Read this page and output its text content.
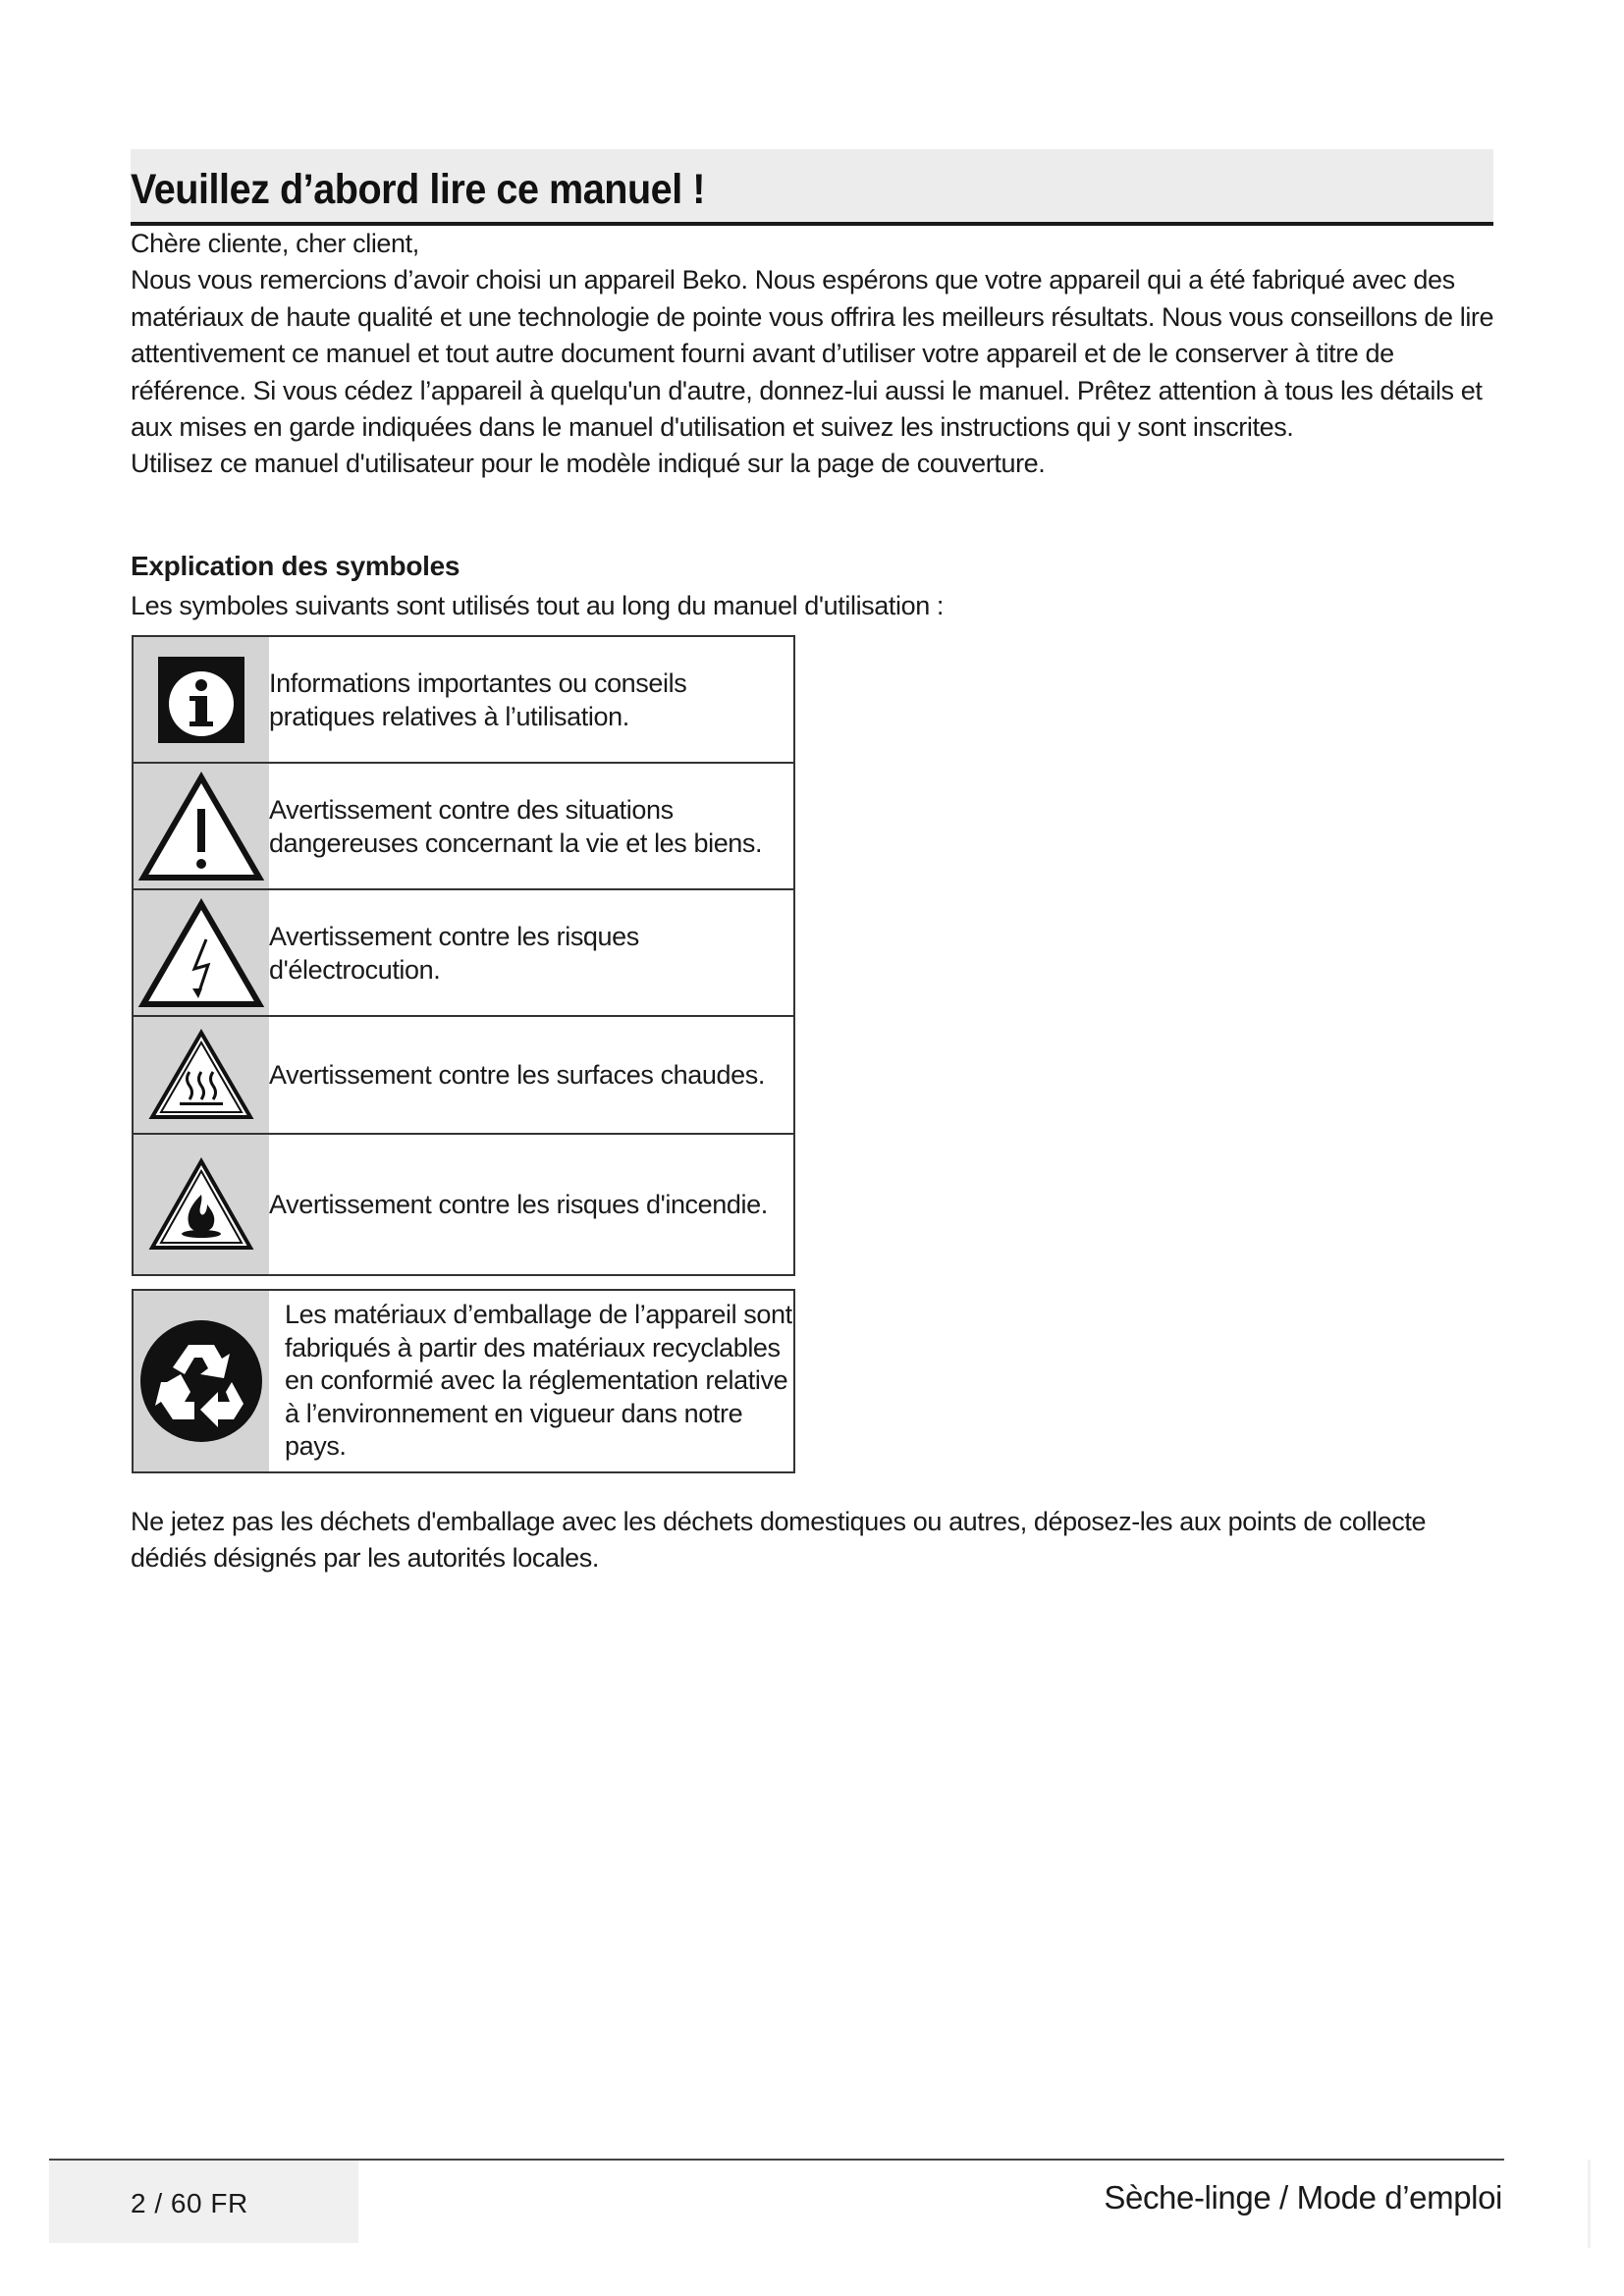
Veuillez d’abord lire ce manuel !

Chère cliente, cher client,

Nous vous remercions d’avoir choisi un appareil Beko. Nous espérons que votre appareil qui a été fabriqué avec des matériaux de haute qualité et une technologie de pointe vous offrira les meilleurs résultats. Nous vous conseillons de lire attentivement ce manuel et tout autre document fourni avant d’utiliser votre appareil et de le conserver à titre de référence. Si vous cédez l’appareil à quelqu'un d'autre, donnez-lui aussi le manuel. Prêtez attention à tous les détails et aux mises en garde indiquées dans le manuel d'utilisation et suivez les instructions qui y sont inscrites.

Utilisez ce manuel d'utilisateur pour le modèle indiqué sur la page de couverture.

Explication des symboles
Les symboles suivants sont utilisés tout au long du manuel d'utilisation :
	Informations importantes ou conseils pratiques relatives à l’utilisation.

	Avertissement contre des situations dangereuses concernant la vie et les biens.

	Avertissement contre les risques d'électrocution.

	Avertissement contre les surfaces chaudes.

	Avertissement contre les risques d'incendie.
	Les matériaux d’emballage de l’appareil sont fabriqués à partir des matériaux recyclables en conformié avec la réglementation relative à l’environnement en vigueur dans notre pays.
Ne jetez pas les déchets d'emballage avec les déchets domestiques ou autres, déposez-les aux points de collecte dédiés désignés par les autorités locales.
2 / 60 FR	Sèche-linge / Mode d’emploi
